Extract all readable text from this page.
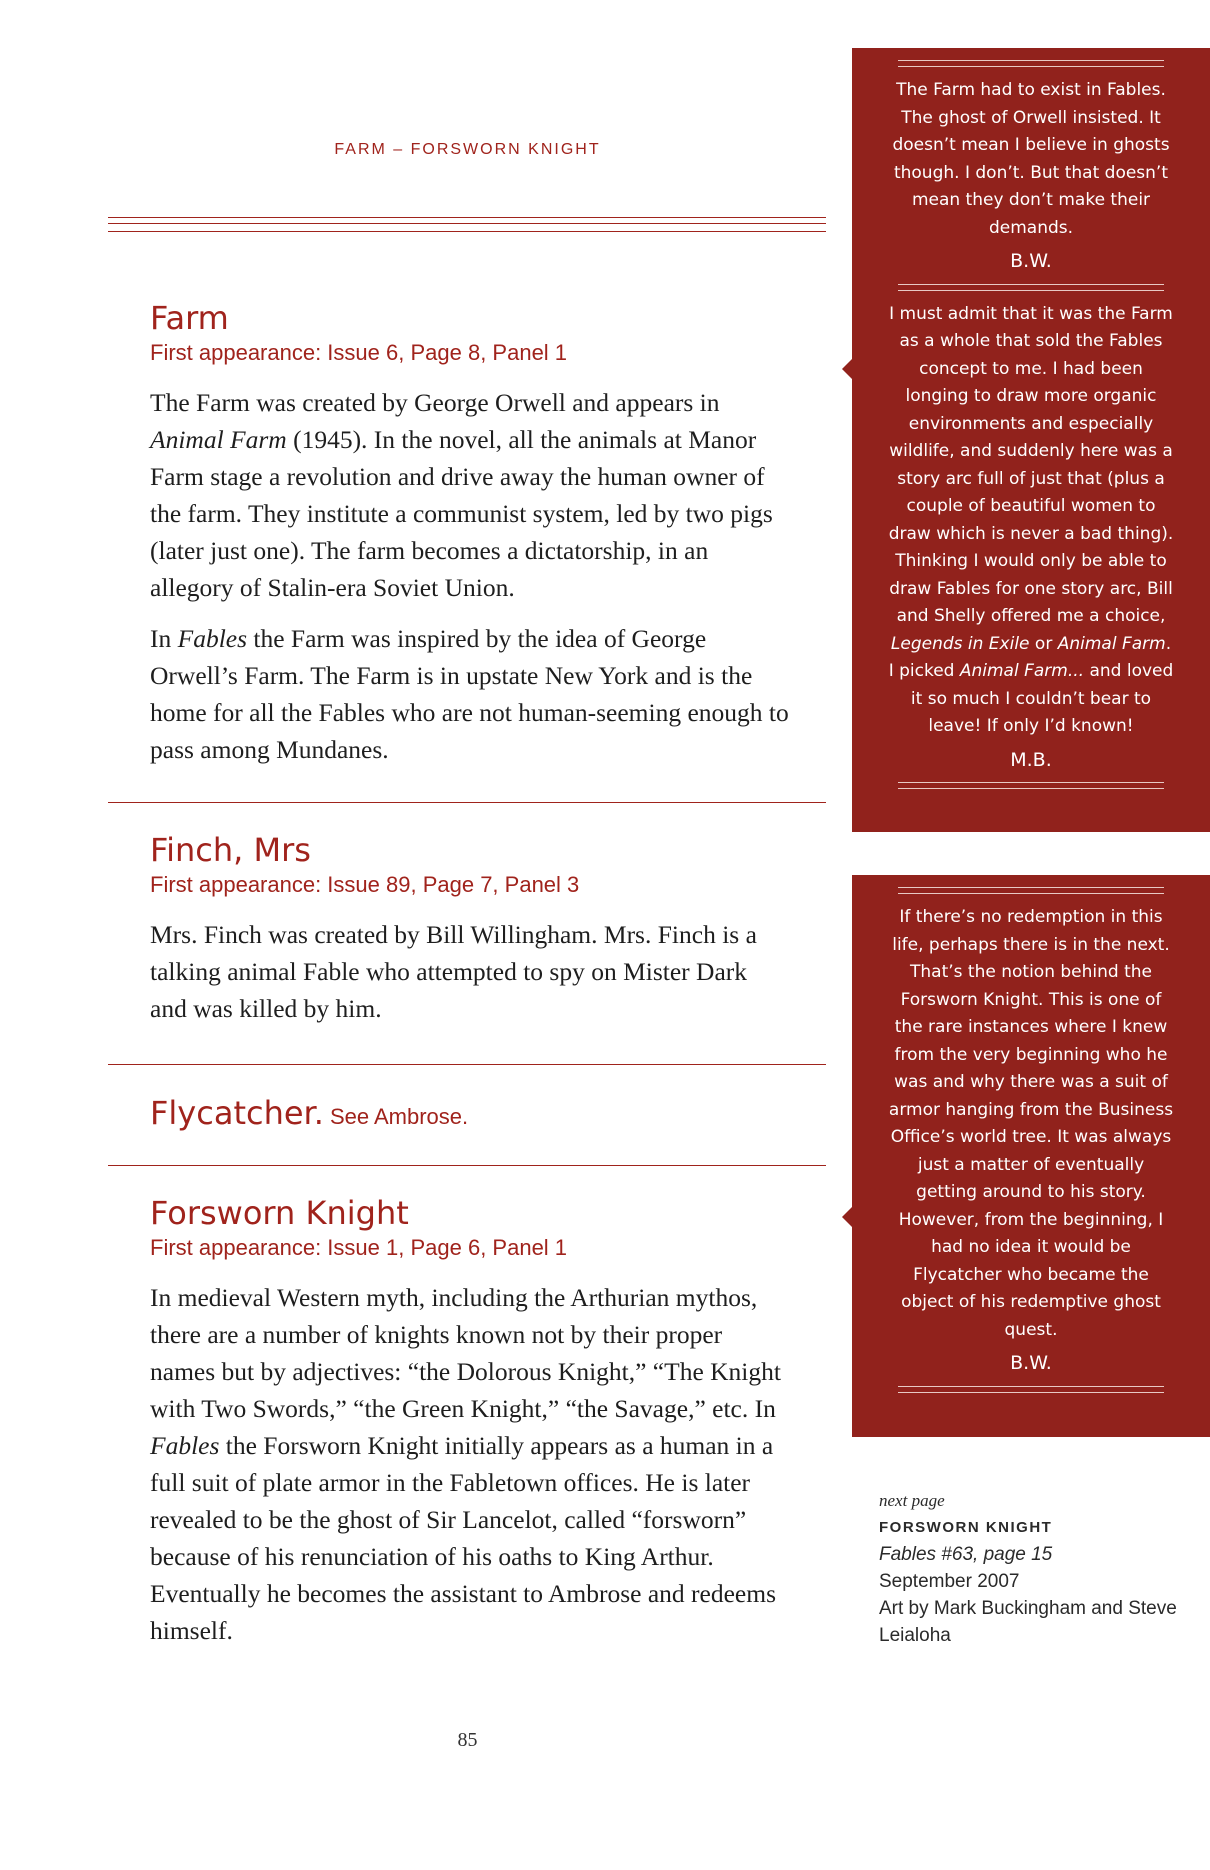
FARM – FORSWORN KNIGHT
Farm
First appearance: Issue 6, Page 8, Panel 1

The Farm was created by George Orwell and appears in Animal Farm (1945). In the novel, all the animals at Manor Farm stage a revolution and drive away the human owner of the farm. They institute a communist system, led by two pigs (later just one). The farm becomes a dictatorship, in an allegory of Stalin-era Soviet Union.

In Fables the Farm was inspired by the idea of George Orwell’s Farm. The Farm is in upstate New York and is the home for all the Fables who are not human-seeming enough to pass among Mundanes.

Finch, Mrs
First appearance: Issue 89, Page 7, Panel 3

Mrs. Finch was created by Bill Willingham. Mrs. Finch is a talking animal Fable who attempted to spy on Mister Dark and was killed by him.

Flycatcher. See Ambrose.
Forsworn Knight
First appearance: Issue 1, Page 6, Panel 1

In medieval Western myth, including the Arthurian mythos, there are a number of knights known not by their proper names but by adjectives: “the Dolorous Knight,” “The Knight with Two Swords,” “the Green Knight,” “the Savage,” etc. In Fables the Forsworn Knight initially appears as a human in a full suit of plate armor in the Fabletown offices. He is later revealed to be the ghost of Sir Lancelot, called “forsworn” because of his renunciation of his oaths to King Arthur. Eventually he becomes the assistant to Ambrose and redeems himself.

The Farm had to exist in Fables. The ghost of Orwell insisted. It doesn’t mean I believe in ghosts though. I don’t. But that doesn’t mean they don’t make their demands.
B.W.
I must admit that it was the Farm as a whole that sold the Fables concept to me. I had been longing to draw more organic environments and especially wildlife, and suddenly here was a story arc full of just that (plus a couple of beautiful women to draw which is never a bad thing). Thinking I would only be able to draw Fables for one story arc, Bill and Shelly offered me a choice, Legends in Exile or Animal Farm. I picked Animal Farm... and loved it so much I couldn’t bear to leave! If only I’d known!
M.B.
If there’s no redemption in this life, perhaps there is in the next. That’s the notion behind the Forsworn Knight. This is one of the rare instances where I knew from the very beginning who he was and why there was a suit of armor hanging from the Business Office’s world tree. It was always just a matter of eventually getting around to his story. However, from the beginning, I had no idea it would be Flycatcher who became the object of his redemptive ghost quest.
B.W.
next page
FORSWORN KNIGHT
Fables #63, page 15
September 2007
Art by Mark Buckingham and Steve Leialoha
85
